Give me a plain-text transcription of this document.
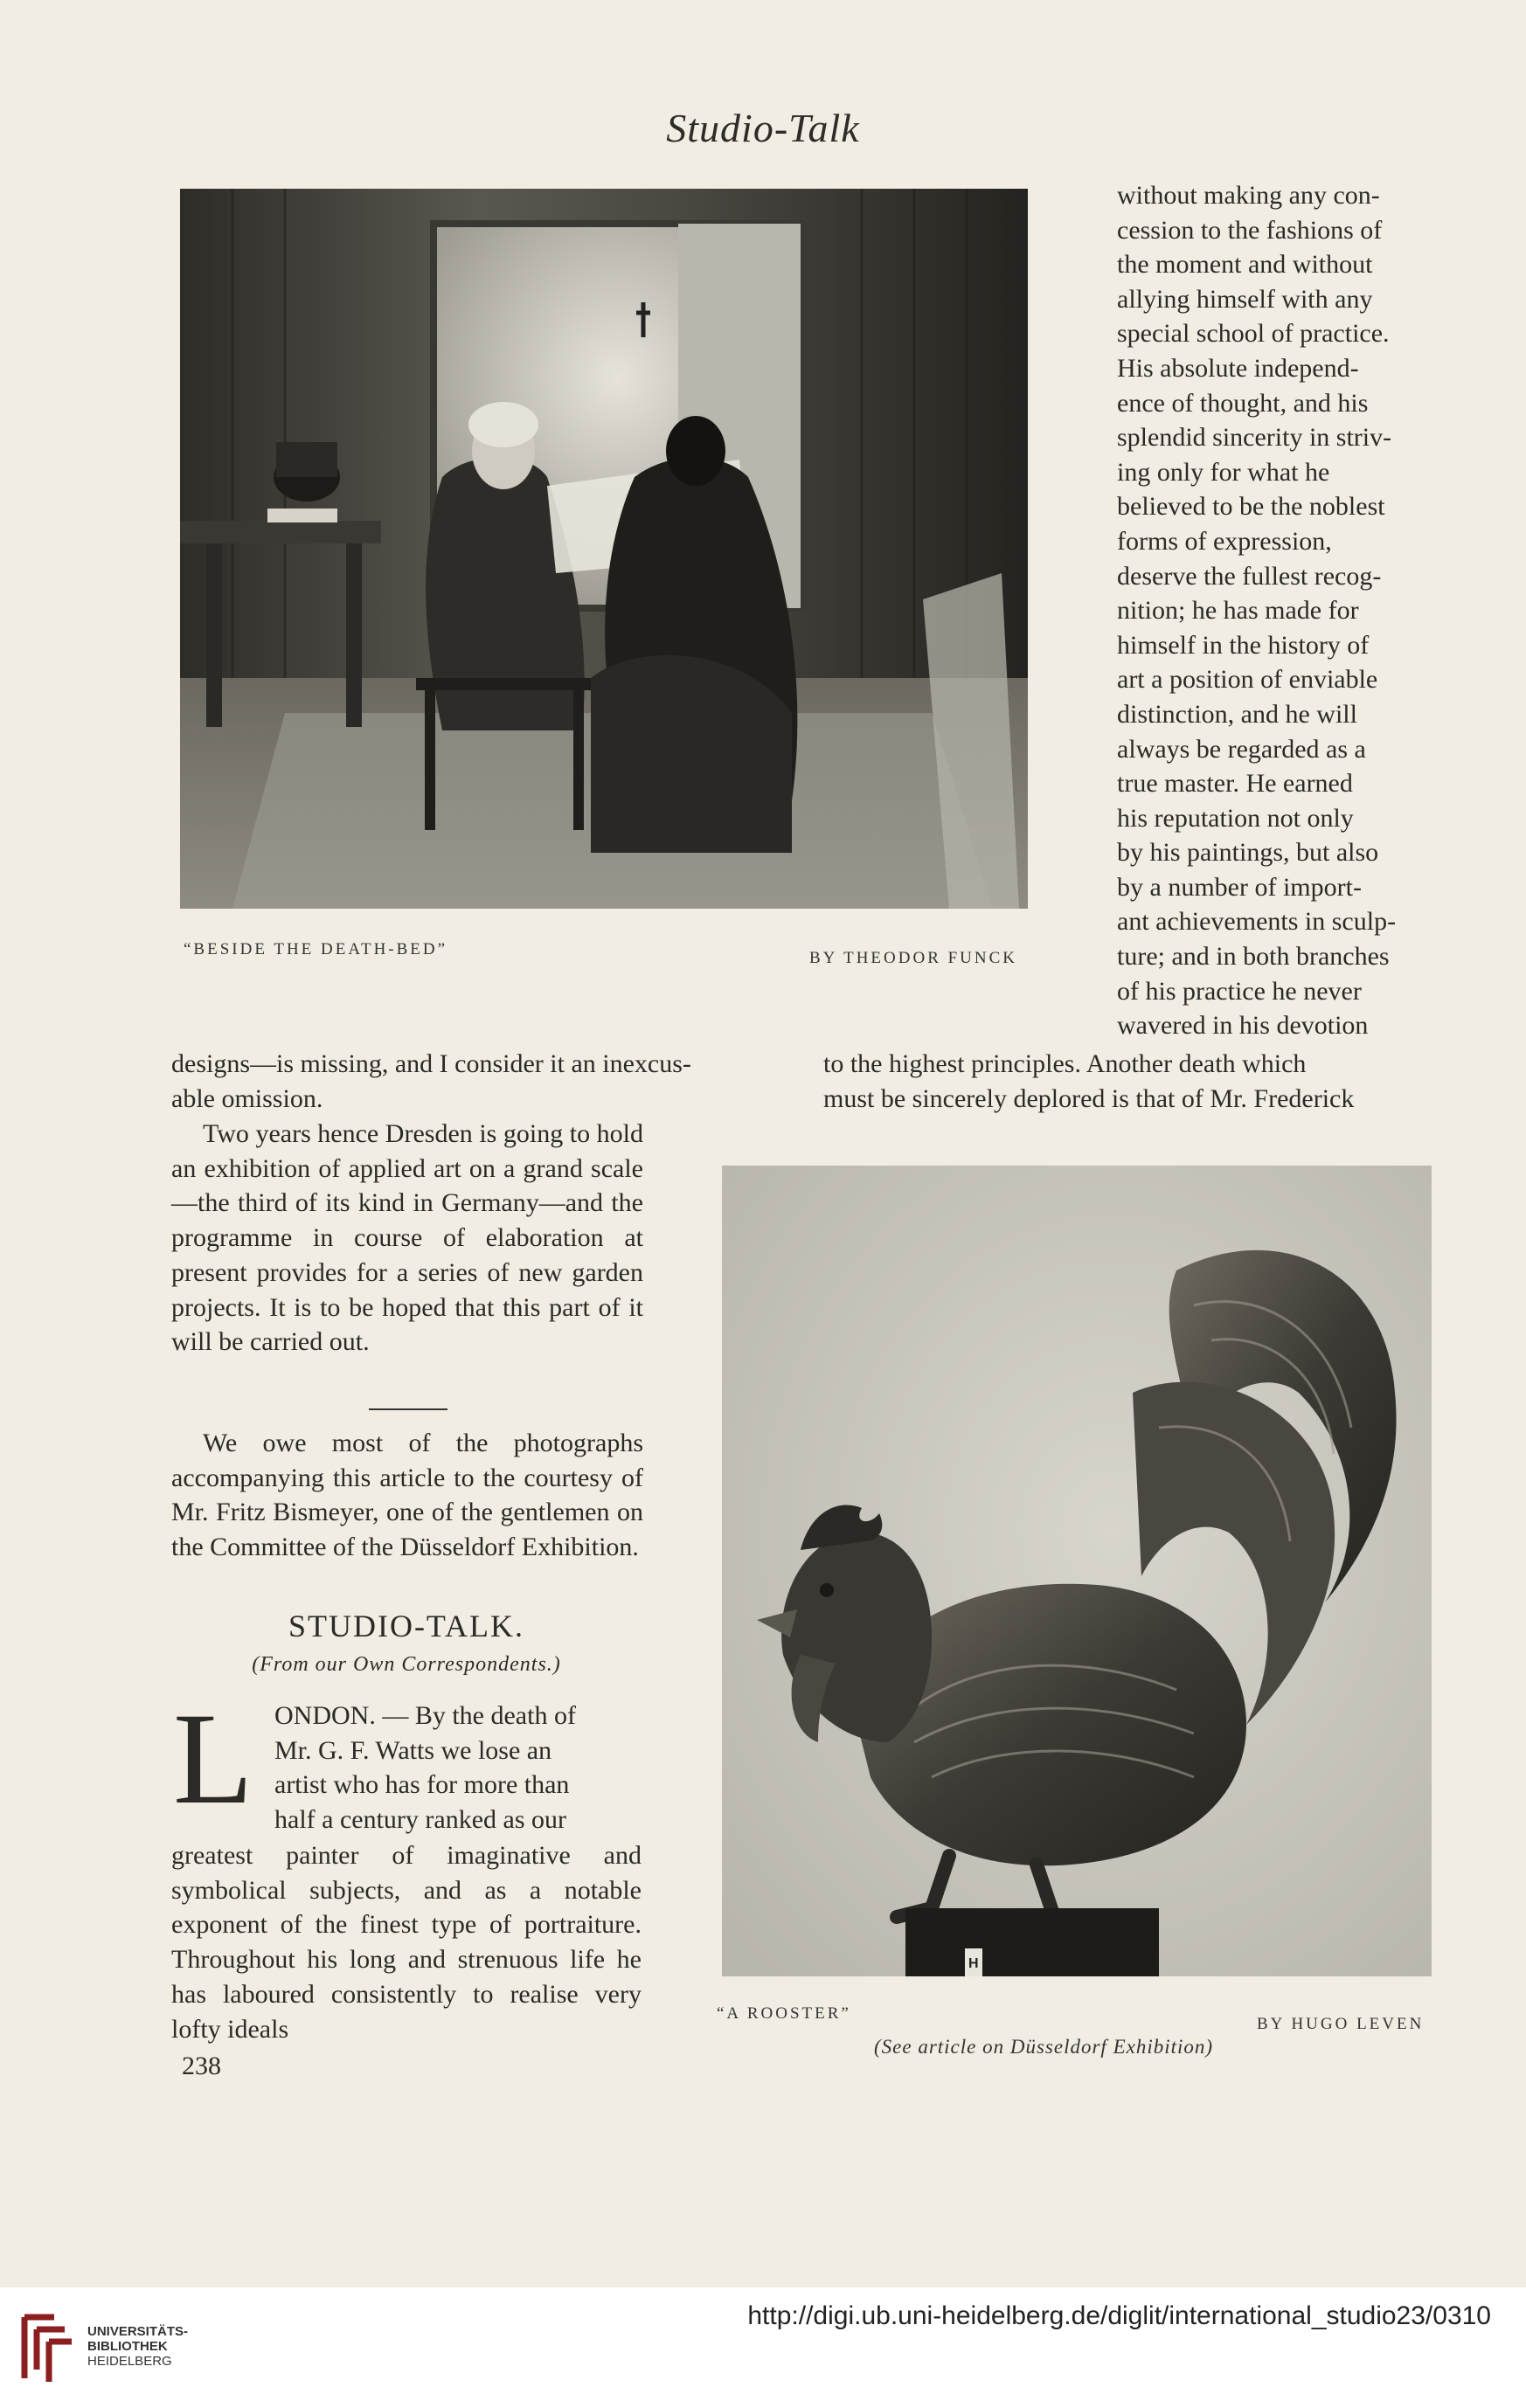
Studio-Talk
“BESIDE THE DEATH-BED”	BY THEODOR FUNCK

without making any con-

cession to the fashions of

the moment and without

allying himself with any

special school of practice.

His absolute independ-

ence of thought, and his

splendid sincerity in striv-

ing only for what he

believed to be the noblest

forms of expression,

deserve the fullest recog-

nition; he has made for

himself in the history of

art a position of enviable

distinction, and he will

always be regarded as a

true master. He earned

his reputation not only

by his paintings, but also

by a number of import-

ant achievements in sculp-

ture; and in both branches

of his practice he never

wavered in his devotion

to the highest principles. Another death which

must be sincerely deplored is that of Mr. Frederick

designs—is missing, and I consider it an inexcus-

able omission.

Two years hence Dresden is going to hold an exhibition of applied art on a grand scale—the third of its kind in Germany—and the programme in course of elaboration at present provides for a series of new garden projects. It is to be hoped that this part of it will be carried out.

We owe most of the photographs accompanying this article to the courtesy of Mr. Fritz Bismeyer, one of the gentlemen on the Committee of the Düsseldorf Exhibition.

STUDIO-TALK.
(From our Own Correspondents.)
L ONDON. — By the death of

Mr. G. F. Watts we lose an

artist who has for more than

half a century ranked as our

greatest painter of imaginative and symbolical subjects, and as a notable exponent of the finest type of portraiture. Throughout his long and strenuous life he has laboured consistently to realise very lofty ideals

238
H
“A ROOSTER”
BY HUGO LEVEN
(See article on Düsseldorf Exhibition)
UNIVERSITÄTS-
BIBLIOTHEK
HEIDELBERG
http://digi.ub.uni-heidelberg.de/diglit/international_studio23/0310
